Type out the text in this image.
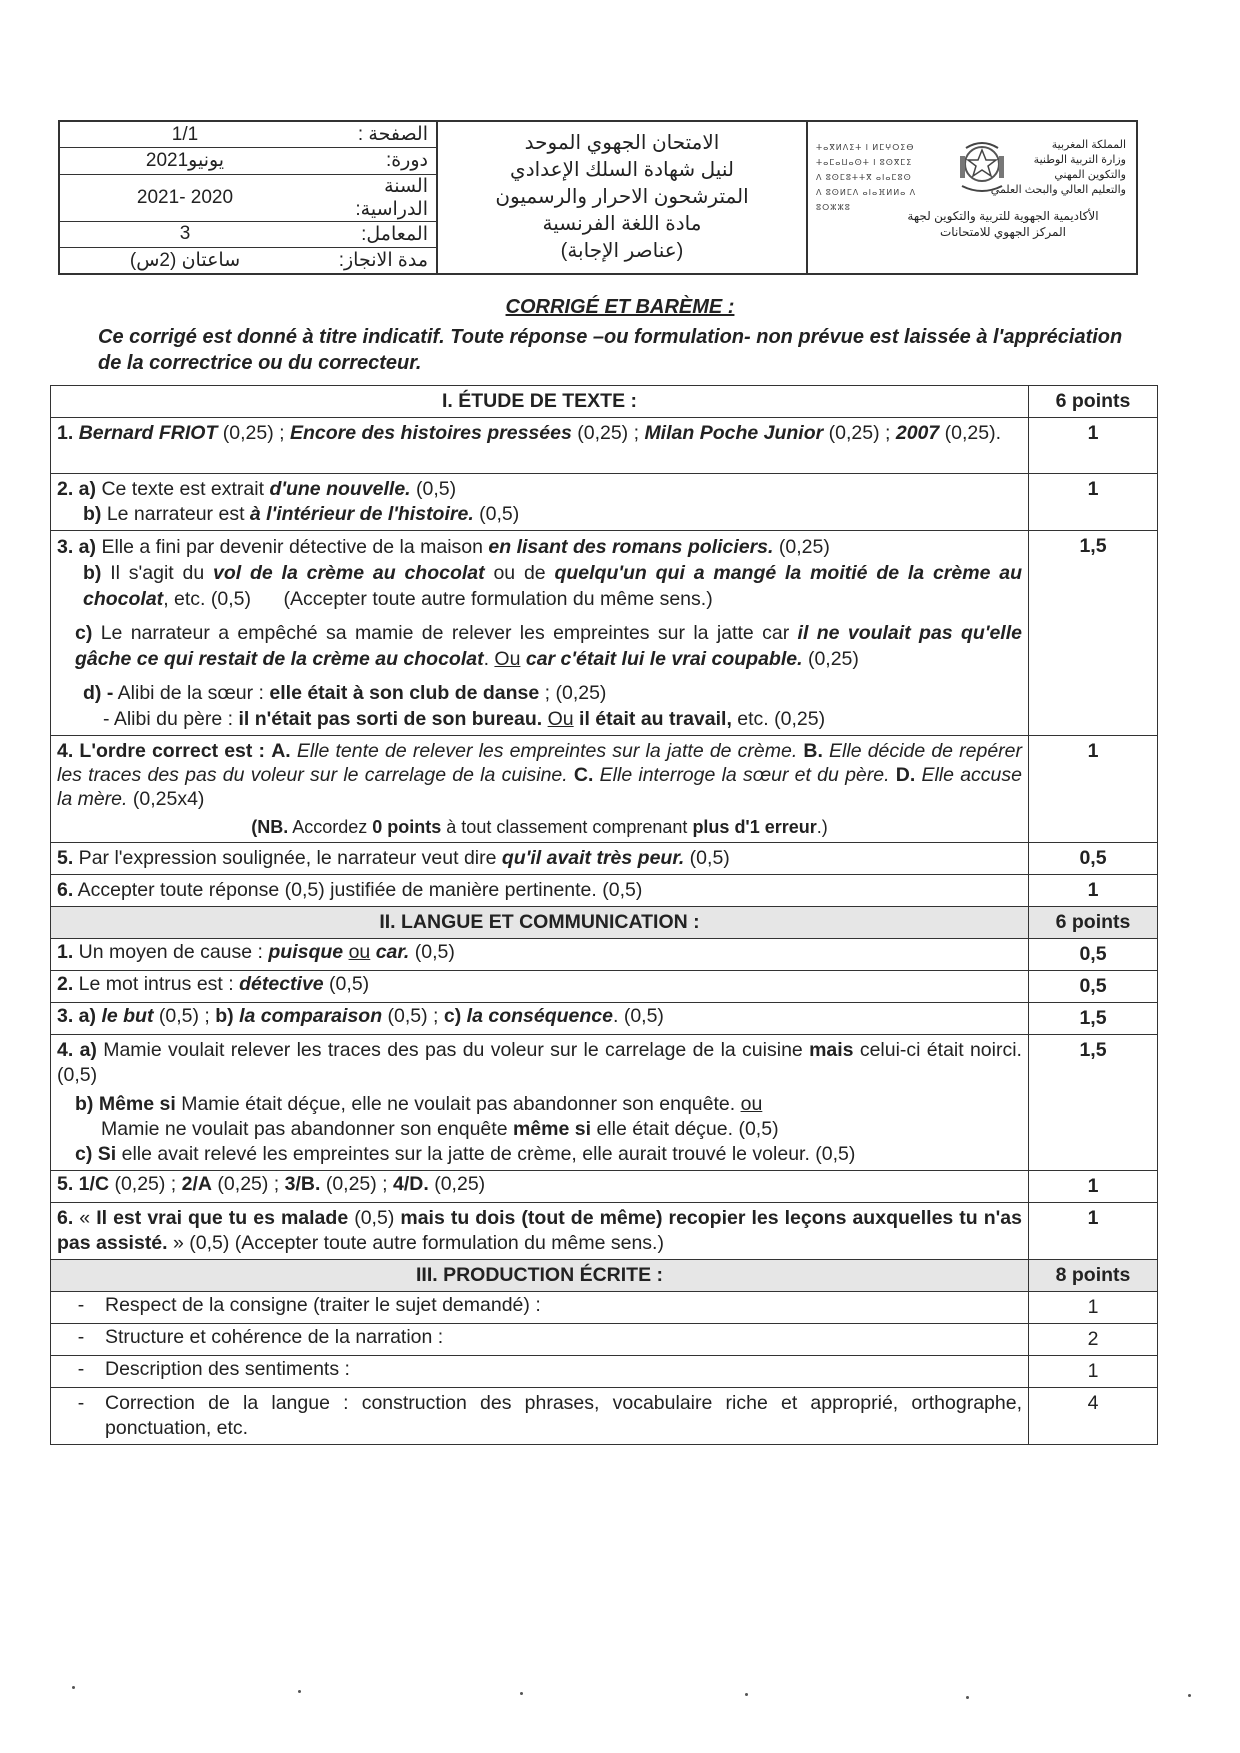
1/1	الصفحة :
يونيو2021	دورة:
2021- 2020
السنة الدراسية:
3	المعامل:
ساعتان (2س)	مدة الانجاز:
الامتحان الجهوي الموحد
لنيل شهادة السلك الإعدادي
المترشحون الاحرار والرسميون
مادة اللغة الفرنسية
(عناصر الإجابة)
ⵜⴰⴳⵍⴷⵉⵜ ⵏ ⵍⵎⵖⵔⵉⴱ
ⵜⴰⵎⴰⵡⴰⵙⵜ ⵏ ⵓⵙⴳⵎⵉ
ⴷ ⵓⵙⵎⵓⵜⵜⴳ ⴰⵏⴰⵎⵓⵙ
ⴷ ⵓⵙⵍⵎⴷ ⴰⵏⴰⴼⵍⵍⴰ ⴷ ⵓⵔⵣⵣⵓ
المملكة المغربية
وزارة التربية الوطنية
والتكوين المهني
والتعليم العالي والبحث العلمي
الأكاديمية الجهوية للتربية والتكوين لجهة
المركز الجهوي للامتحانات
CORRIGÉ ET BARÈME :
Ce corrigé est donné à titre indicatif. Toute réponse –ou formulation- non prévue est laissée à l'appréciation de la correctrice ou du correcteur.
I. ÉTUDE DE TEXTE :	6 points
1. Bernard FRIOT (0,25) ; Encore des histoires pressées (0,25) ; Milan Poche Junior (0,25) ; 2007 (0,25).	1

2. a) Ce texte est extrait d'une nouvelle. (0,5)
b) Le narrateur est à l'intérieur de l'histoire. (0,5)	1

3. a) Elle a fini par devenir détective de la maison en lisant des romans policiers. (0,25)
b) Il s'agit du vol de la crème au chocolat ou de quelqu'un qui a mangé la moitié de la crème au chocolat, etc. (0,5) (Accepter toute autre formulation du même sens.)
c) Le narrateur a empêché sa mamie de relever les empreintes sur la jatte car il ne voulait pas qu'elle gâche ce qui restait de la crème au chocolat. Ou car c'était lui le vrai coupable. (0,25)
d) - Alibi de la sœur : elle était à son club de danse ; (0,25)
- Alibi du père : il n'était pas sorti de son bureau. Ou il était au travail, etc. (0,25)	1,5

4. L'ordre correct est : A. Elle tente de relever les empreintes sur la jatte de crème. B. Elle décide de repérer les traces des pas du voleur sur le carrelage de la cuisine. C. Elle interroge la sœur et du père. D. Elle accuse la mère. (0,25x4)
(NB. Accordez 0 points à tout classement comprenant plus d'1 erreur.)	1
5. Par l'expression soulignée, le narrateur veut dire qu'il avait très peur. (0,5)	0,5
6. Accepter toute réponse (0,5) justifiée de manière pertinente. (0,5)	1
II. LANGUE ET COMMUNICATION :	6 points
1. Un moyen de cause : puisque ou car. (0,5)	0,5
2. Le mot intrus est : détective (0,5)	0,5
3. a) le but (0,5) ; b) la comparaison (0,5) ; c) la conséquence. (0,5)	1,5

4. a) Mamie voulait relever les traces des pas du voleur sur le carrelage de la cuisine mais celui-ci était noirci. (0,5)
b) Même si Mamie était déçue, elle ne voulait pas abandonner son enquête. ou
Mamie ne voulait pas abandonner son enquête même si elle était déçue. (0,5)
c) Si elle avait relevé les empreintes sur la jatte de crème, elle aurait trouvé le voleur. (0,5)	1,5
5. 1/C (0,25) ; 2/A (0,25) ; 3/B. (0,25) ; 4/D. (0,25)	1
6. « Il est vrai que tu es malade (0,5) mais tu dois (tout de même) recopier les leçons auxquelles tu n'as pas assisté. » (0,5) (Accepter toute autre formulation du même sens.)	1
III. PRODUCTION ÉCRITE :	8 points
- Respect de la consigne (traiter le sujet demandé) :	1
- Structure et cohérence de la narration :	2
- Description des sentiments :	1

- Correction de la langue : construction des phrases, vocabulaire riche et approprié, orthographe, ponctuation, etc.	4
